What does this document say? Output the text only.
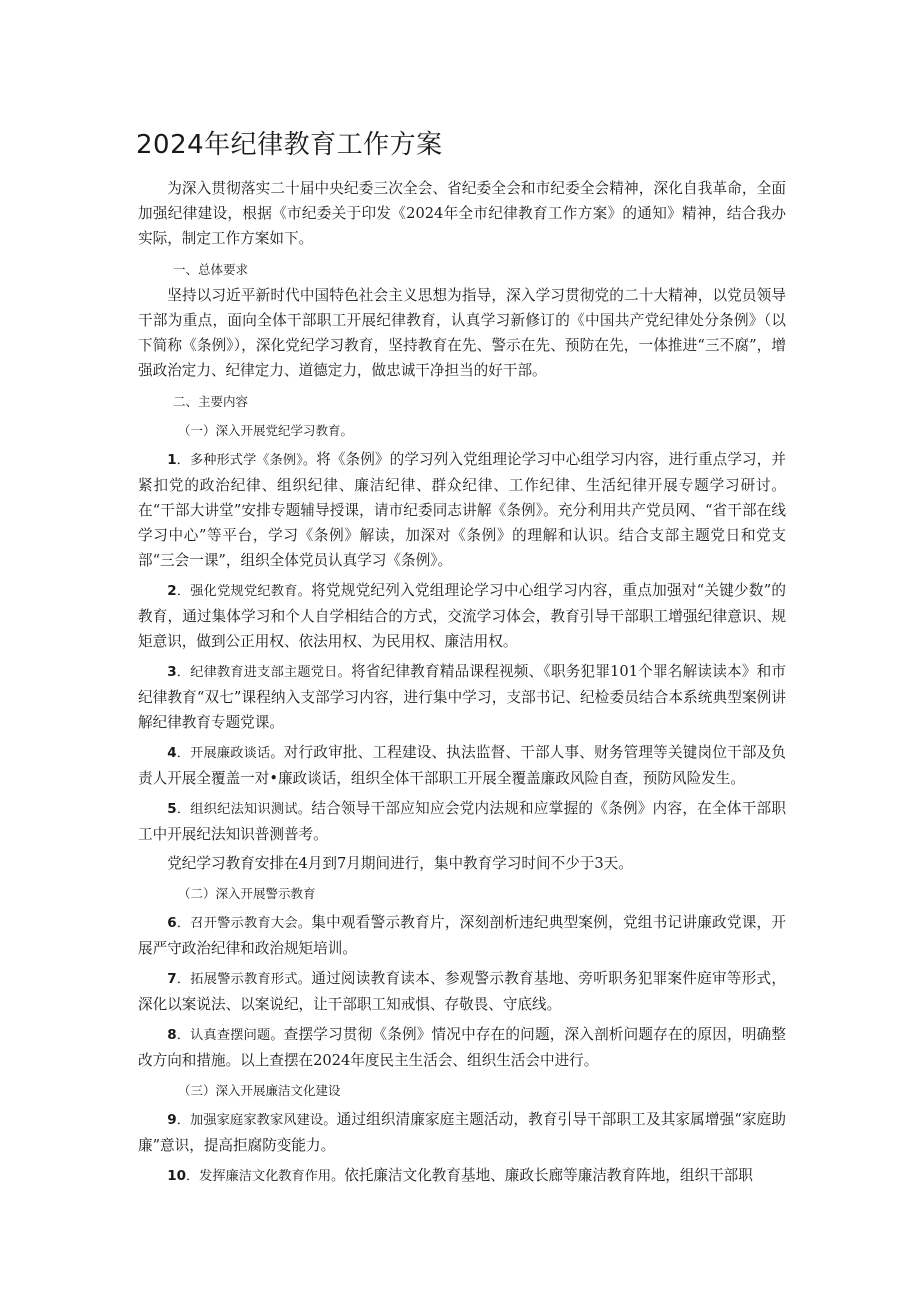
2024年纪律教育工作方案

为深入贯彻落实二十届中央纪委三次全会、省纪委全会和市纪委全会精神，深化自我革命，全面加强纪律建设，根据《市纪委关于印发《2024年全市纪律教育工作方案》的通知》精神，结合我办实际，制定工作方案如下。

一、总体要求

坚持以习近平新时代中国特色社会主义思想为指导，深入学习贯彻党的二十大精神，以党员领导干部为重点，面向全体干部职工开展纪律教育，认真学习新修订的《中国共产党纪律处分条例》（以下简称《条例》），深化党纪学习教育，坚持教育在先、警示在先、预防在先，一体推进“三不腐”，增强政治定力、纪律定力、道德定力，做忠诚干净担当的好干部。

二、主要内容

（一）深入开展党纪学习教育。

1．多种形式学《条例》。将《条例》的学习列入党组理论学习中心组学习内容，进行重点学习，并紧扣党的政治纪律、组织纪律、廉洁纪律、群众纪律、工作纪律、生活纪律开展专题学习研讨。在“干部大讲堂”安排专题辅导授课，请市纪委同志讲解《条例》。充分利用共产党员网、“省干部在线学习中心”等平台，学习《条例》解读，加深对《条例》的理解和认识。结合支部主题党日和党支部“三会一课”，组织全体党员认真学习《条例》。

2．强化党规党纪教育。将党规党纪列入党组理论学习中心组学习内容，重点加强对“关键少数”的教育，通过集体学习和个人自学相结合的方式，交流学习体会，教育引导干部职工增强纪律意识、规矩意识，做到公正用权、依法用权、为民用权、廉洁用权。

3．纪律教育进支部主题党日。将省纪律教育精品课程视频、《职务犯罪101个罪名解读读本》和市纪律教育“双七”课程纳入支部学习内容，进行集中学习，支部书记、纪检委员结合本系统典型案例讲解纪律教育专题党课。

4．开展廉政谈话。对行政审批、工程建设、执法监督、干部人事、财务管理等关键岗位干部及负责人开展全覆盖一对•廉政谈话，组织全体干部职工开展全覆盖廉政风险自查，预防风险发生。

5．组织纪法知识测试。结合领导干部应知应会党内法规和应掌握的《条例》内容，在全体干部职工中开展纪法知识普测普考。

党纪学习教育安排在4月到7月期间进行，集中教育学习时间不少于3天。

（二）深入开展警示教育

6．召开警示教育大会。集中观看警示教育片，深刻剖析违纪典型案例，党组书记讲廉政党课，开展严守政治纪律和政治规矩培训。

7．拓展警示教育形式。通过阅读教育读本、参观警示教育基地、旁听职务犯罪案件庭审等形式，深化以案说法、以案说纪，让干部职工知戒惧、存敬畏、守底线。

8．认真查摆问题。查摆学习贯彻《条例》情况中存在的问题，深入剖析问题存在的原因，明确整改方向和措施。以上查摆在2024年度民主生活会、组织生活会中进行。

（三）深入开展廉洁文化建设

9．加强家庭家教家风建设。通过组织清廉家庭主题活动，教育引导干部职工及其家属增强“家庭助廉”意识，提高拒腐防变能力。

10．发挥廉洁文化教育作用。依托廉洁文化教育基地、廉政长廊等廉洁教育阵地，组织干部职
